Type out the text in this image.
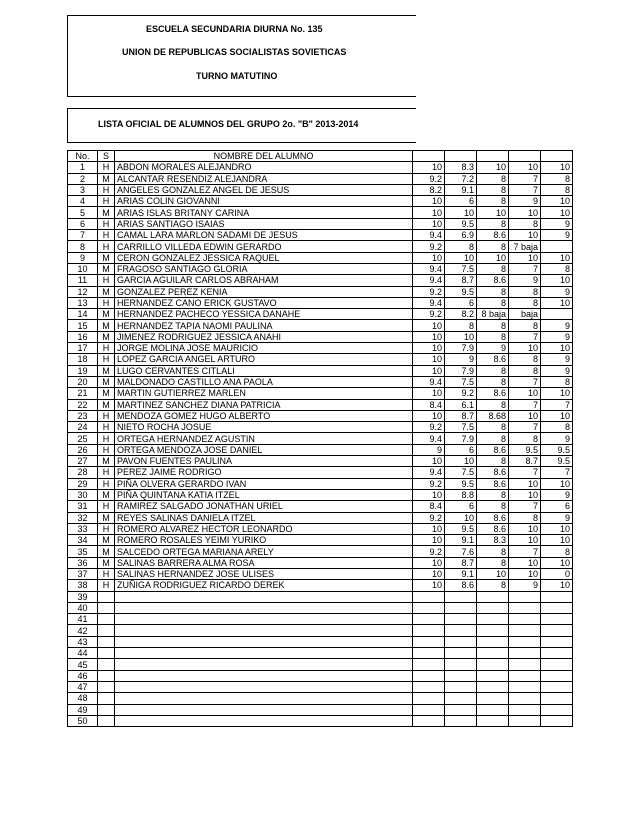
ESCUELA SECUNDARIA DIURNA No. 135
UNION DE REPUBLICAS SOCIALISTAS SOVIETICAS
TURNO MATUTINO
LISTA OFICIAL DE ALUMNOS DEL GRUPO 2o. "B" 2013-2014
No.	S	NOMBRE DEL ALUMNO					
1	H	ABDON MORALES ALEJANDRO	10	8.3	10	10	10
2	M	ALCANTAR RESENDIZ ALEJANDRA	9.2	7.2	8	7	8
3	H	ANGELES GONZALEZ ANGEL DE JESUS	8.2	9.1	8	7	8
4	H	ARIAS COLIN GIOVANNI	10	6	8	9	10
5	M	ARIAS ISLAS BRITANY CARINA	10	10	10	10	10
6	H	ARIAS SANTIAGO ISAIAS	10	9.5	8	8	9
7	H	CAMAL LARA MARLON SADAMI DE JESUS	9.4	6.9	8.6	10	9
8	H	CARRILLO VILLEDA EDWIN GERARDO	9.2	8	8	7 baja	
9	M	CERON GONZALEZ JESSICA RAQUEL	10	10	10	10	10
10	M	FRAGOSO SANTIAGO GLORIA	9.4	7.5	8	7	8
11	H	GARCIA AGUILAR CARLOS ABRAHAM	9.4	8.7	8.6	9	10
12	M	GONZALEZ PEREZ KENIA	9.2	9.5	8	8	9
13	H	HERNANDEZ CANO ERICK GUSTAVO	9.4	6	8	8	10
14	M	HERNANDEZ PACHECO YESSICA DANAHE	9.2	8.2	8 baja	baja	
15	M	HERNANDEZ TAPIA NAOMI PAULINA	10	8	8	8	9
16	M	JIMENEZ RODRIGUEZ JESSICA ANAHI	10	10	8	7	9
17	H	JORGE MOLINA JOSE MAURICIO	10	7.9	9	10	10
18	H	LOPEZ GARCIA ANGEL ARTURO	10	9	8.6	8	9
19	M	LUGO CERVANTES CITLALI	10	7.9	8	8	9
20	M	MALDONADO CASTILLO ANA PAOLA	9.4	7.5	8	7	8
21	M	MARTIN GUTIERREZ MARLEN	10	9.2	8.6	10	10
22	M	MARTINEZ SANCHEZ DIANA PATRICIA	8.4	6.1	8	7	7
23	H	MENDOZA GOMEZ HUGO ALBERTO	10	8.7	8.68	10	10
24	H	NIETO ROCHA JOSUE	9.2	7.5	8	7	8
25	H	ORTEGA HERNANDEZ AGUSTIN	9.4	7.9	8	8	9
26	H	ORTEGA MENDOZA JOSE DANIEL	9	6	8.6	9.5	9.5
27	M	PAVON FUENTES PAULINA	10	10	8	8.7	9.5
28	H	PEREZ JAIME RODRIGO	9.4	7.5	8.6	7	7
29	H	PIÑA OLVERA GERARDO IVAN	9.2	9.5	8.6	10	10
30	M	PIÑA QUINTANA KATIA ITZEL	10	8.8	8	10	9
31	H	RAMIREZ SALGADO JONATHAN URIEL	8.4	6	8	7	6
32	M	REYES SALINAS DANIELA ITZEL	9.2	10	8.6	8	9
33	H	ROMERO ALVAREZ HECTOR LEONARDO	10	9.5	8.6	10	10
34	M	ROMERO ROSALES YEIMI YURIKO	10	9.1	8.3	10	10
35	M	SALCEDO ORTEGA MARIANA ARELY	9.2	7.6	8	7	8
36	M	SALINAS BARRERA ALMA ROSA	10	8.7	8	10	10
37	H	SALINAS HERNANDEZ JOSE ULISES	10	9.1	10	10	0
38	H	ZUÑIGA RODRIGUEZ RICARDO DEREK	10	8.6	8	9	10
39							
40							
41							
42							
43							
44							
45							
46							
47							
48							
49							
50							
